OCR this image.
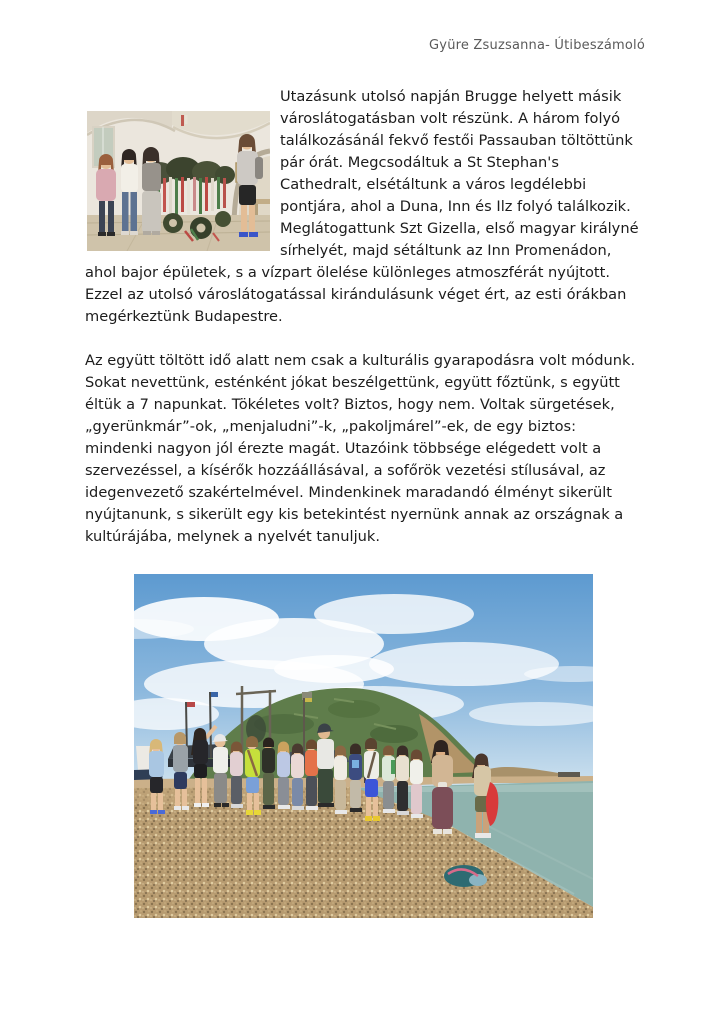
Gyüre Zsuzsanna- Útibeszámoló
Utazásunk utolsó napján Brugge helyett másik városlátogatásban volt részünk. A három folyó találkozásánál fekvő festői Passauban töltöttünk pár órát. Megcsodáltuk a St Stephan's Cathedralt, elsétáltunk a város legdélebbi pontjára, ahol a Duna, Inn és Ilz folyó találkozik. Meglátogattunk Szt Gizella, első magyar királyné sírhelyét, majd sétáltunk az Inn Promenádon, ahol bajor épületek, s a vízpart ölelése különleges atmoszférát nyújtott.

Ezzel az utolsó városlátogatással kirándulásunk véget ért, az esti órákban megérkeztünk Budapestre.

Az együtt töltött idő alatt nem csak a kulturális gyarapodásra volt módunk. Sokat nevettünk, esténként jókat beszélgettünk, együtt főztünk, s együtt éltük a 7 napunkat. Tökéletes volt? Biztos, hogy nem. Voltak sürgetések, „gyerünkmár”-ok, „menjaludni”-k, „pakoljmárel”-ek, de egy biztos: mindenki nagyon jól érezte magát. Utazóink többsége elégedett volt a szervezéssel, a kísérők hozzáállásával, a sofőrök vezetési stílusával, az idegenvezető szakértelmével. Mindenkinek maradandó élményt sikerült nyújtanunk, s sikerült egy kis betekintést nyernünk annak az országnak a kultúrájába, melynek a nyelvét tanuljuk.
